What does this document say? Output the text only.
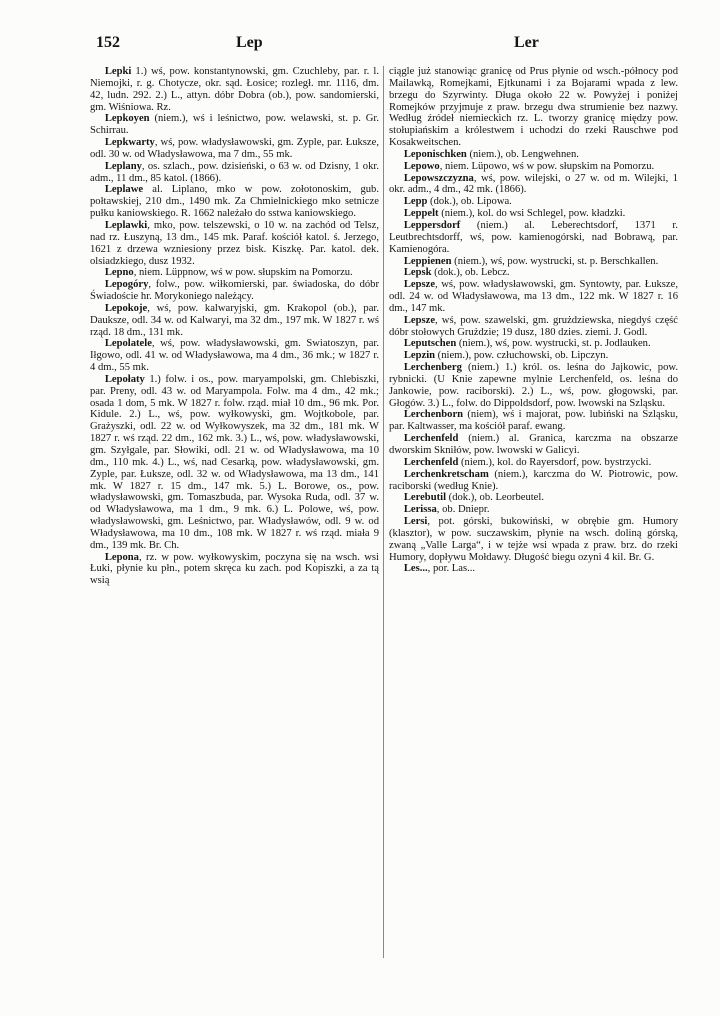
152	Lep	Ler

Lepki 1.) wś, pow. konstantynowski, gm. Czuchleby, par. r. l. Niemojki, r. g. Chotycze, okr. sąd. Łosice; rozległ. mr. 1116, dm. 42, ludn. 292. 2.) L., attyn. dóbr Dobra (ob.), pow. sandomierski, gm. Wiśniowa. Rz.

Lepkoyen (niem.), wś i leśnictwo, pow. welawski, st. p. Gr. Schirrau.

Lepkwarty, wś, pow. władysławowski, gm. Zyple, par. Łuksze, odl. 30 w. od Władysławowa, ma 7 dm., 55 mk.

Leplany, os. szlach., pow. dzisieński, o 63 w. od Dzisny, 1 okr. adm., 11 dm., 85 katol. (1866).

Leplawe al. Liplano, mko w pow. zołotonoskim, gub. połtawskiej, 210 dm., 1490 mk. Za Chmielnickiego mko setnicze pułku kaniowskiego. R. 1662 należało do sstwa kaniowskiego.

Leplawki, mko, pow. telszewski, o 10 w. na zachód od Telsz, nad rz. Łuszyną, 13 dm., 145 mk. Paraf. kościół katol. ś. Jerzego, 1621 z drzewa wzniesiony przez bisk. Kiszkę. Par. katol. dek. olsiadzkiego, dusz 1932.

Lepno, niem. Lüppnow, wś w pow. słupskim na Pomorzu.

Lepogóry, folw., pow. wiłkomierski, par. świadoska, do dóbr Świadoście hr. Morykoniego należący.

Lepokoje, wś, pow. kalwaryjski, gm. Krakopol (ob.), par. Daukszе, odl. 34 w. od Kalwaryi, ma 32 dm., 197 mk. W 1827 r. wś rząd. 18 dm., 131 mk.

Lepolatele, wś, pow. władysławowski, gm. Swiatoszyn, par. Iłgowo, odl. 41 w. od Władysławowa, ma 4 dm., 36 mk.; w 1827 r. 4 dm., 55 mk.

Lepołaty 1.) folw. i os., pow. maryampolski, gm. Chlebiszki, par. Preny, odl. 43 w. od Maryampola. Folw. ma 4 dm., 42 mk.; osada 1 dom, 5 mk. W 1827 r. folw. rząd. miał 10 dm., 96 mk. Por. Kidule. 2.) L., wś, pow. wyłkowyski, gm. Wojtkobole, par. Grażyszki, odl. 22 w. od Wyłkowyszek, ma 32 dm., 181 mk. W 1827 r. wś rząd. 22 dm., 162 mk. 3.) L., wś, pow. władysławowski, gm. Szyłgale, par. Słowiki, odl. 21 w. od Władysławowa, ma 10 dm., 110 mk. 4.) L., wś, nad Cesarką, pow. władysławowski, gm. Zyple, par. Łuksze, odl. 32 w. od Władysławowa, ma 13 dm., 141 mk. W 1827 r. 15 dm., 147 mk. 5.) L. Borowe, os., pow. władysławowski, gm. Tomaszbuda, par. Wysoka Ruda, odl. 37 w. od Władysławowa, ma 1 dm., 9 mk. 6.) L. Polowe, wś, pow. władysławowski, gm. Leśnictwo, par. Władysławów, odl. 9 w. od Władysławowa, ma 10 dm., 108 mk. W 1827 r. wś rząd. miała 9 dm., 139 mk. Br. Ch.

Lepona, rz. w pow. wyłkowyskim, poczyna się na wsch. wsi Łuki, płynie ku płn., potem skręca ku zach. pod Kopiszki, a za tą wsią

ciągle już stanowiąc granicę od Prus płynie od wsch.-północy pod Mailawką, Romejkami, Ejtkunami i za Bojarami wpada z lew. brzegu do Szyrwinty. Długa około 22 w. Powyżej i poniżej Romejków przyjmuje z praw. brzegu dwa strumienie bez nazwy. Według źródeł niemieckich rz. L. tworzy granicę między pow. stołupiańskim a królestwem i uchodzi do rzeki Rauschwe pod Kosakweitschen.

Leponischken (niem.), ob. Lengwehnen.

Lepowo, niem. Lüpowo, wś w pow. słupskim na Pomorzu.

Lepowszczyzna, wś, pow. wilejski, o 27 w. od m. Wilejki, 1 okr. adm., 4 dm., 42 mk. (1866).

Lepp (dok.), ob. Lipowa.

Leppelt (niem.), kol. do wsi Schlegel, pow. kładzki.

Leppersdorf (niem.) al. Leberechtsdorf, 1371 r. Leutbrechtsdorff, wś, pow. kamienogórski, nad Bobrawą, par. Kamienogóra.

Leppienen (niem.), wś, pow. wystrucki, st. p. Berschkallen.

Lepsk (dok.), ob. Lebcz.

Lepsze, wś, pow. władysławowski, gm. Syntowty, par. Łuksze, odl. 24 w. od Władysławowa, ma 13 dm., 122 mk. W 1827 r. 16 dm., 147 mk.

Lepsze, wś, pow. szawelski, gm. grużdziewska, niegdyś część dóbr stołowych Grużdzie; 19 dusz, 180 dzies. ziemi. J. Godl.

Leputschen (niem.), wś, pow. wystrucki, st. p. Jodlauken.

Lepzin (niem.), pow. człuchowski, ob. Lipczyn.

Lerchenberg (niem.) 1.) król. os. leśna do Jajkowic, pow. rybnicki. (U Knie zapewne mylnie Lerchenfeld, os. leśna do Jankowie, pow. raciborski). 2.) L., wś, pow. głogowski, par. Głogów. 3.) L., folw. do Dippoldsdorf, pow. lwowski na Szląsku.

Lerchenborn (niem), wś i majorat, pow. lubiński na Szląsku, par. Kaltwasser, ma kościół paraf. ewang.

Lerchenfeld (niem.) al. Granica, karczma na obszarze dworskim Skniłów, pow. lwowski w Galicyi.

Lerchenfeld (niem.), kol. do Rayersdorf, pow. bystrzycki.

Lerchenkretscham (niem.), karczma do W. Piotrowic, pow. raciborski (według Knie).

Lerebutil (dok.), ob. Leorbeutel.

Lerissa, ob. Dniepr.

Lersi, pot. górski, bukowiński, w obrębie gm. Humory (klasztor), w pow. suczawskim, płynie na wsch. doliną górską, zwaną „Valle Larga“, i w tejże wsi wpada z praw. brz. do rzeki Humory, dopływu Mołdawy. Długość biegu ozyni 4 kil. Br. G.

Les..., por. Las...
